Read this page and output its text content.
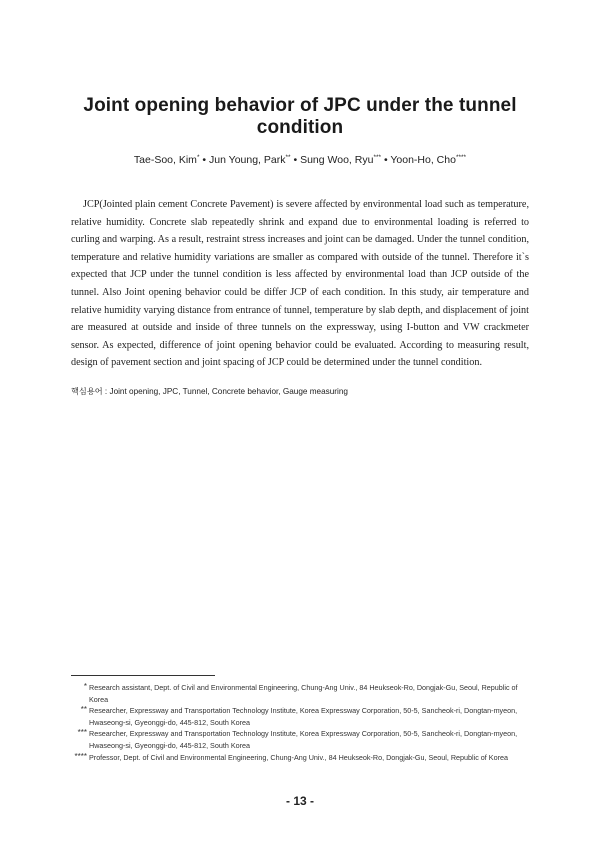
Joint opening behavior of JPC under the tunnel condition
Tae-Soo, Kim* • Jun Young, Park** • Sung Woo, Ryu*** • Yoon-Ho, Cho****

JCP(Jointed plain cement Concrete Pavement) is severe affected by environmental load such as temperature, relative humidity. Concrete slab repeatedly shrink and expand due to environmental loading is referred to curling and warping. As a result, restraint stress increases and joint can be damaged. Under the tunnel condition, temperature and relative humidity variations are smaller as compared with outside of the tunnel. Therefore it`s expected that JCP under the tunnel condition is less affected by environmental load than JCP outside of the tunnel. Also Joint opening behavior could be differ JCP of each condition. In this study, air temperature and relative humidity varying distance from entrance of tunnel, temperature by slab depth, and displacement of joint are measured at outside and inside of three tunnels on the expressway, using I-button and VW crackmeter sensor. As expected, difference of joint opening behavior could be evaluated. According to measuring result, design of pavement section and joint spacing of JCP could be determined under the tunnel condition.

핵심용어 : Joint opening, JPC, Tunnel, Concrete behavior, Gauge measuring
* Research assistant, Dept. of Civil and Environmental Engineering, Chung-Ang Univ., 84 Heukseok-Ro, Dongjak-Gu, Seoul, Republic of Korea
** Researcher, Expressway and Transportation Technology Institute, Korea Expressway Corporation, 50-5, Sancheok-ri, Dongtan-myeon, Hwaseong-si, Gyeonggi-do, 445-812, South Korea
*** Researcher, Expressway and Transportation Technology Institute, Korea Expressway Corporation, 50-5, Sancheok-ri, Dongtan-myeon, Hwaseong-si, Gyeonggi-do, 445-812, South Korea
**** Professor, Dept. of Civil and Environmental Engineering, Chung-Ang Univ., 84 Heukseok-Ro, Dongjak-Gu, Seoul, Republic of Korea
- 13 -
